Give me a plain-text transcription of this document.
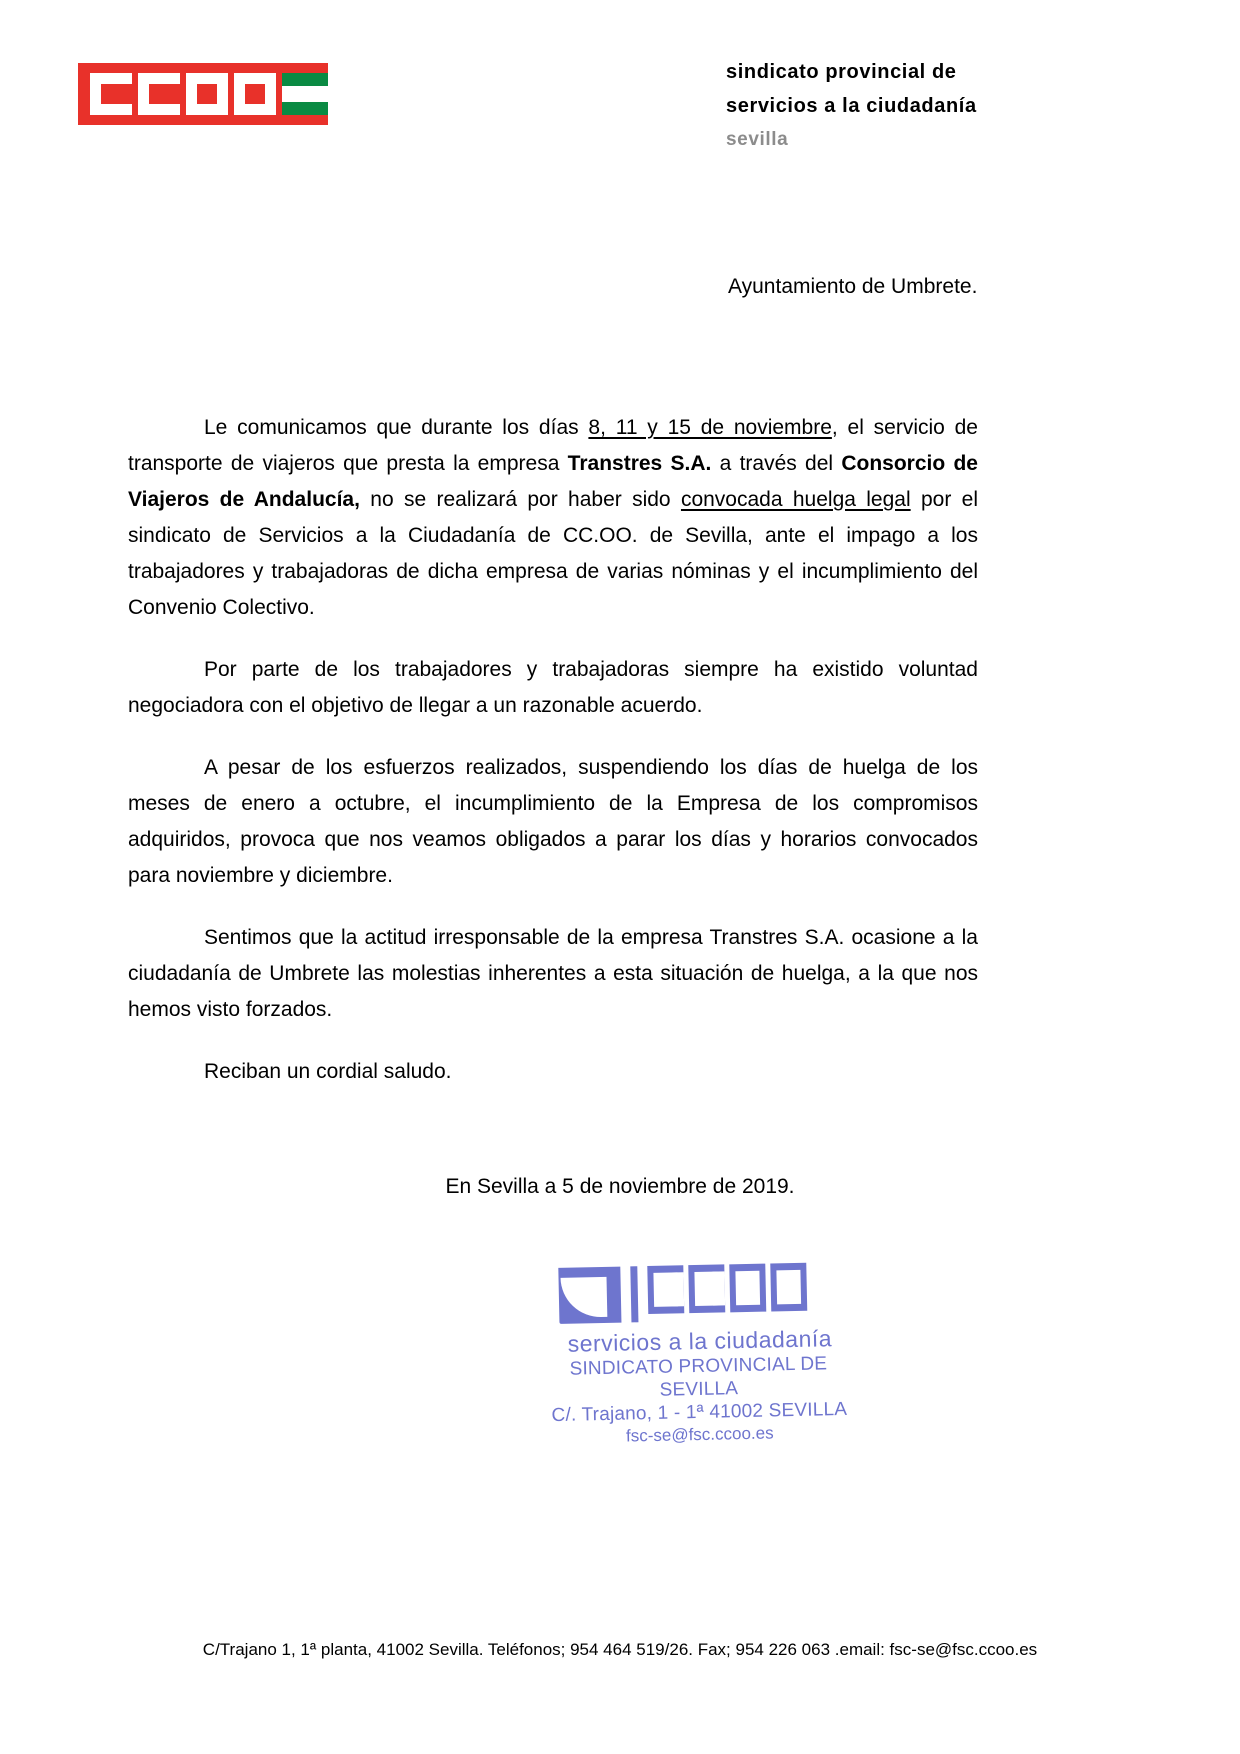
sindicato provincial de
servicios a la ciudadanía
sevilla
Ayuntamiento de Umbrete.

Le comunicamos que durante los días 8, 11 y 15 de noviembre, el servicio de transporte de viajeros que presta la empresa Transtres S.A. a través del Consorcio de Viajeros de Andalucía, no se realizará por haber sido convocada huelga legal por el sindicato de Servicios a la Ciudadanía de CC.OO. de Sevilla, ante el impago a los trabajadores y trabajadoras de dicha empresa de varias nóminas y el incumplimiento del Convenio Colectivo.

Por parte de los trabajadores y trabajadoras siempre ha existido voluntad negociadora con el objetivo de llegar a un razonable acuerdo.

A pesar de los esfuerzos realizados, suspendiendo los días de huelga de los meses de enero a octubre, el incumplimiento de la Empresa de los compromisos adquiridos, provoca que nos veamos obligados a parar los días y horarios convocados para noviembre y diciembre.

Sentimos que la actitud irresponsable de la empresa Transtres S.A. ocasione a la ciudadanía de Umbrete las molestias inherentes a esta situación de huelga, a la que nos hemos visto forzados.

Reciban un cordial saludo.

En Sevilla a 5 de noviembre de 2019.
servicios a la ciudadanía
SINDICATO PROVINCIAL DE SEVILLA
C/. Trajano, 1 - 1ª 41002 SEVILLA
fsc-se@fsc.ccoo.es
C/Trajano 1, 1ª planta, 41002 Sevilla. Teléfonos; 954 464 519/26. Fax; 954 226 063 .email: fsc-se@fsc.ccoo.es
